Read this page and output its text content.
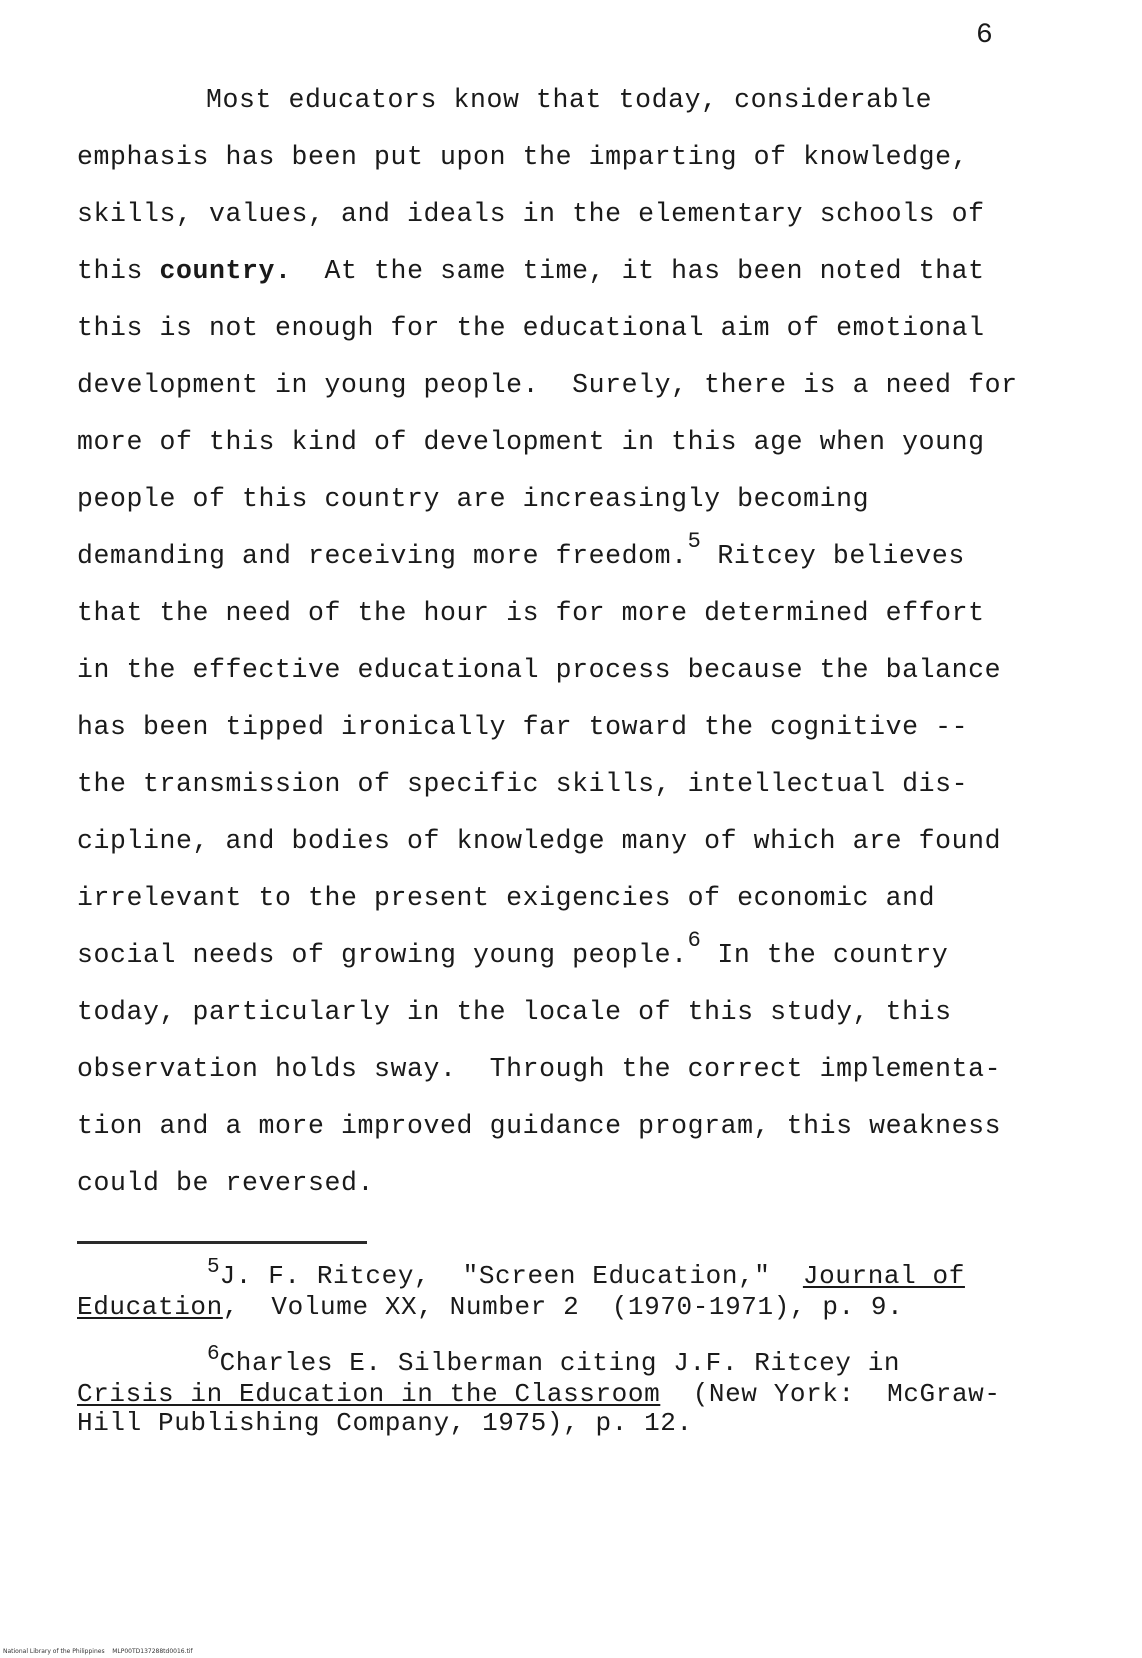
6
Most educators know that today, considerable
emphasis has been put upon the imparting of knowledge,
skills, values, and ideals in the elementary schools of
this country.  At the same time, it has been noted that
this is not enough for the educational aim of emotional
development in young people.  Surely, there is a need for
more of this kind of development in this age when young
people of this country are increasingly becoming
demanding and receiving more freedom.$^5$ Ritcey believes
that the need of the hour is for more determined effort
in the effective educational process because the balance
has been tipped ironically far toward the cognitive --
the transmission of specific skills, intellectual dis-
cipline, and bodies of knowledge many of which are found
irrelevant to the present exigencies of economic and
social needs of growing young people.$^6$ In the country
today, particularly in the locale of this study, this
observation holds sway.  Through the correct implementa-
tion and a more improved guidance program, this weakness
could be reversed.
$^5$J. F. Ritcey,  "Screen Education,"  Journal of
Education,  Volume XX, Number 2  (1970-1971), p. 9.
$^6$Charles E. Silberman citing J.F. Ritcey in
Crisis in Education in the Classroom  (New York:  McGraw-
Hill Publishing Company, 1975), p. 12.
National Library of the Philippines    MLP00TD137288td0016.tif
